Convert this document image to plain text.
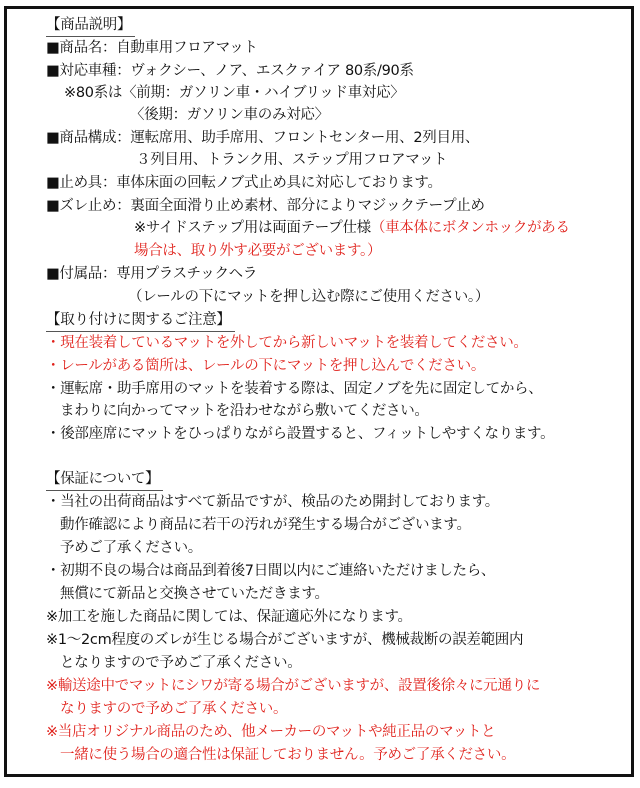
【商品説明】
■商品名：自動車用フロアマット
■対応車種：ヴォクシー、ノア、エスクァイア 80系/90系
※80系は〈前期：ガソリン車・ハイブリッド車対応〉
〈後期：ガソリン車のみ対応〉
■商品構成：運転席用、助手席用、フロントセンター用、2列目用、
３列目用、トランク用、ステップ用フロアマット
■止め具：車体床面の回転ノブ式止め具に対応しております。
■ズレ止め：裏面全面滑り止め素材、部分によりマジックテープ止め
※サイドステップ用は両面テープ仕様（車本体にボタンホックがある
場合は、取り外す必要がございます。）
■付属品：専用プラスチックヘラ
（レールの下にマットを押し込む際にご使用ください。）
【取り付けに関するご注意】
・現在装着しているマットを外してから新しいマットを装着してください。
・レールがある箇所は、レールの下にマットを押し込んでください。
・運転席・助手席用のマットを装着する際は、固定ノブを先に固定してから、
まわりに向かってマットを沿わせながら敷いてください。
・後部座席にマットをひっぱりながら設置すると、フィットしやすくなります。
【保証について】
・当社の出荷商品はすべて新品ですが、検品のため開封しております。
動作確認により商品に若干の汚れが発生する場合がございます。
予めご了承ください。
・初期不良の場合は商品到着後7日間以内にご連絡いただけましたら、
無償にて新品と交換させていただきます。
※加工を施した商品に関しては、保証適応外になります。
※1～2cm程度のズレが生じる場合がございますが、機械裁断の誤差範囲内
となりますので予めご了承ください。
※輸送途中でマットにシワが寄る場合がございますが、設置後徐々に元通りに
なりますので予めご了承ください。
※当店オリジナル商品のため、他メーカーのマットや純正品のマットと
一緒に使う場合の適合性は保証しておりません。予めご了承ください。
